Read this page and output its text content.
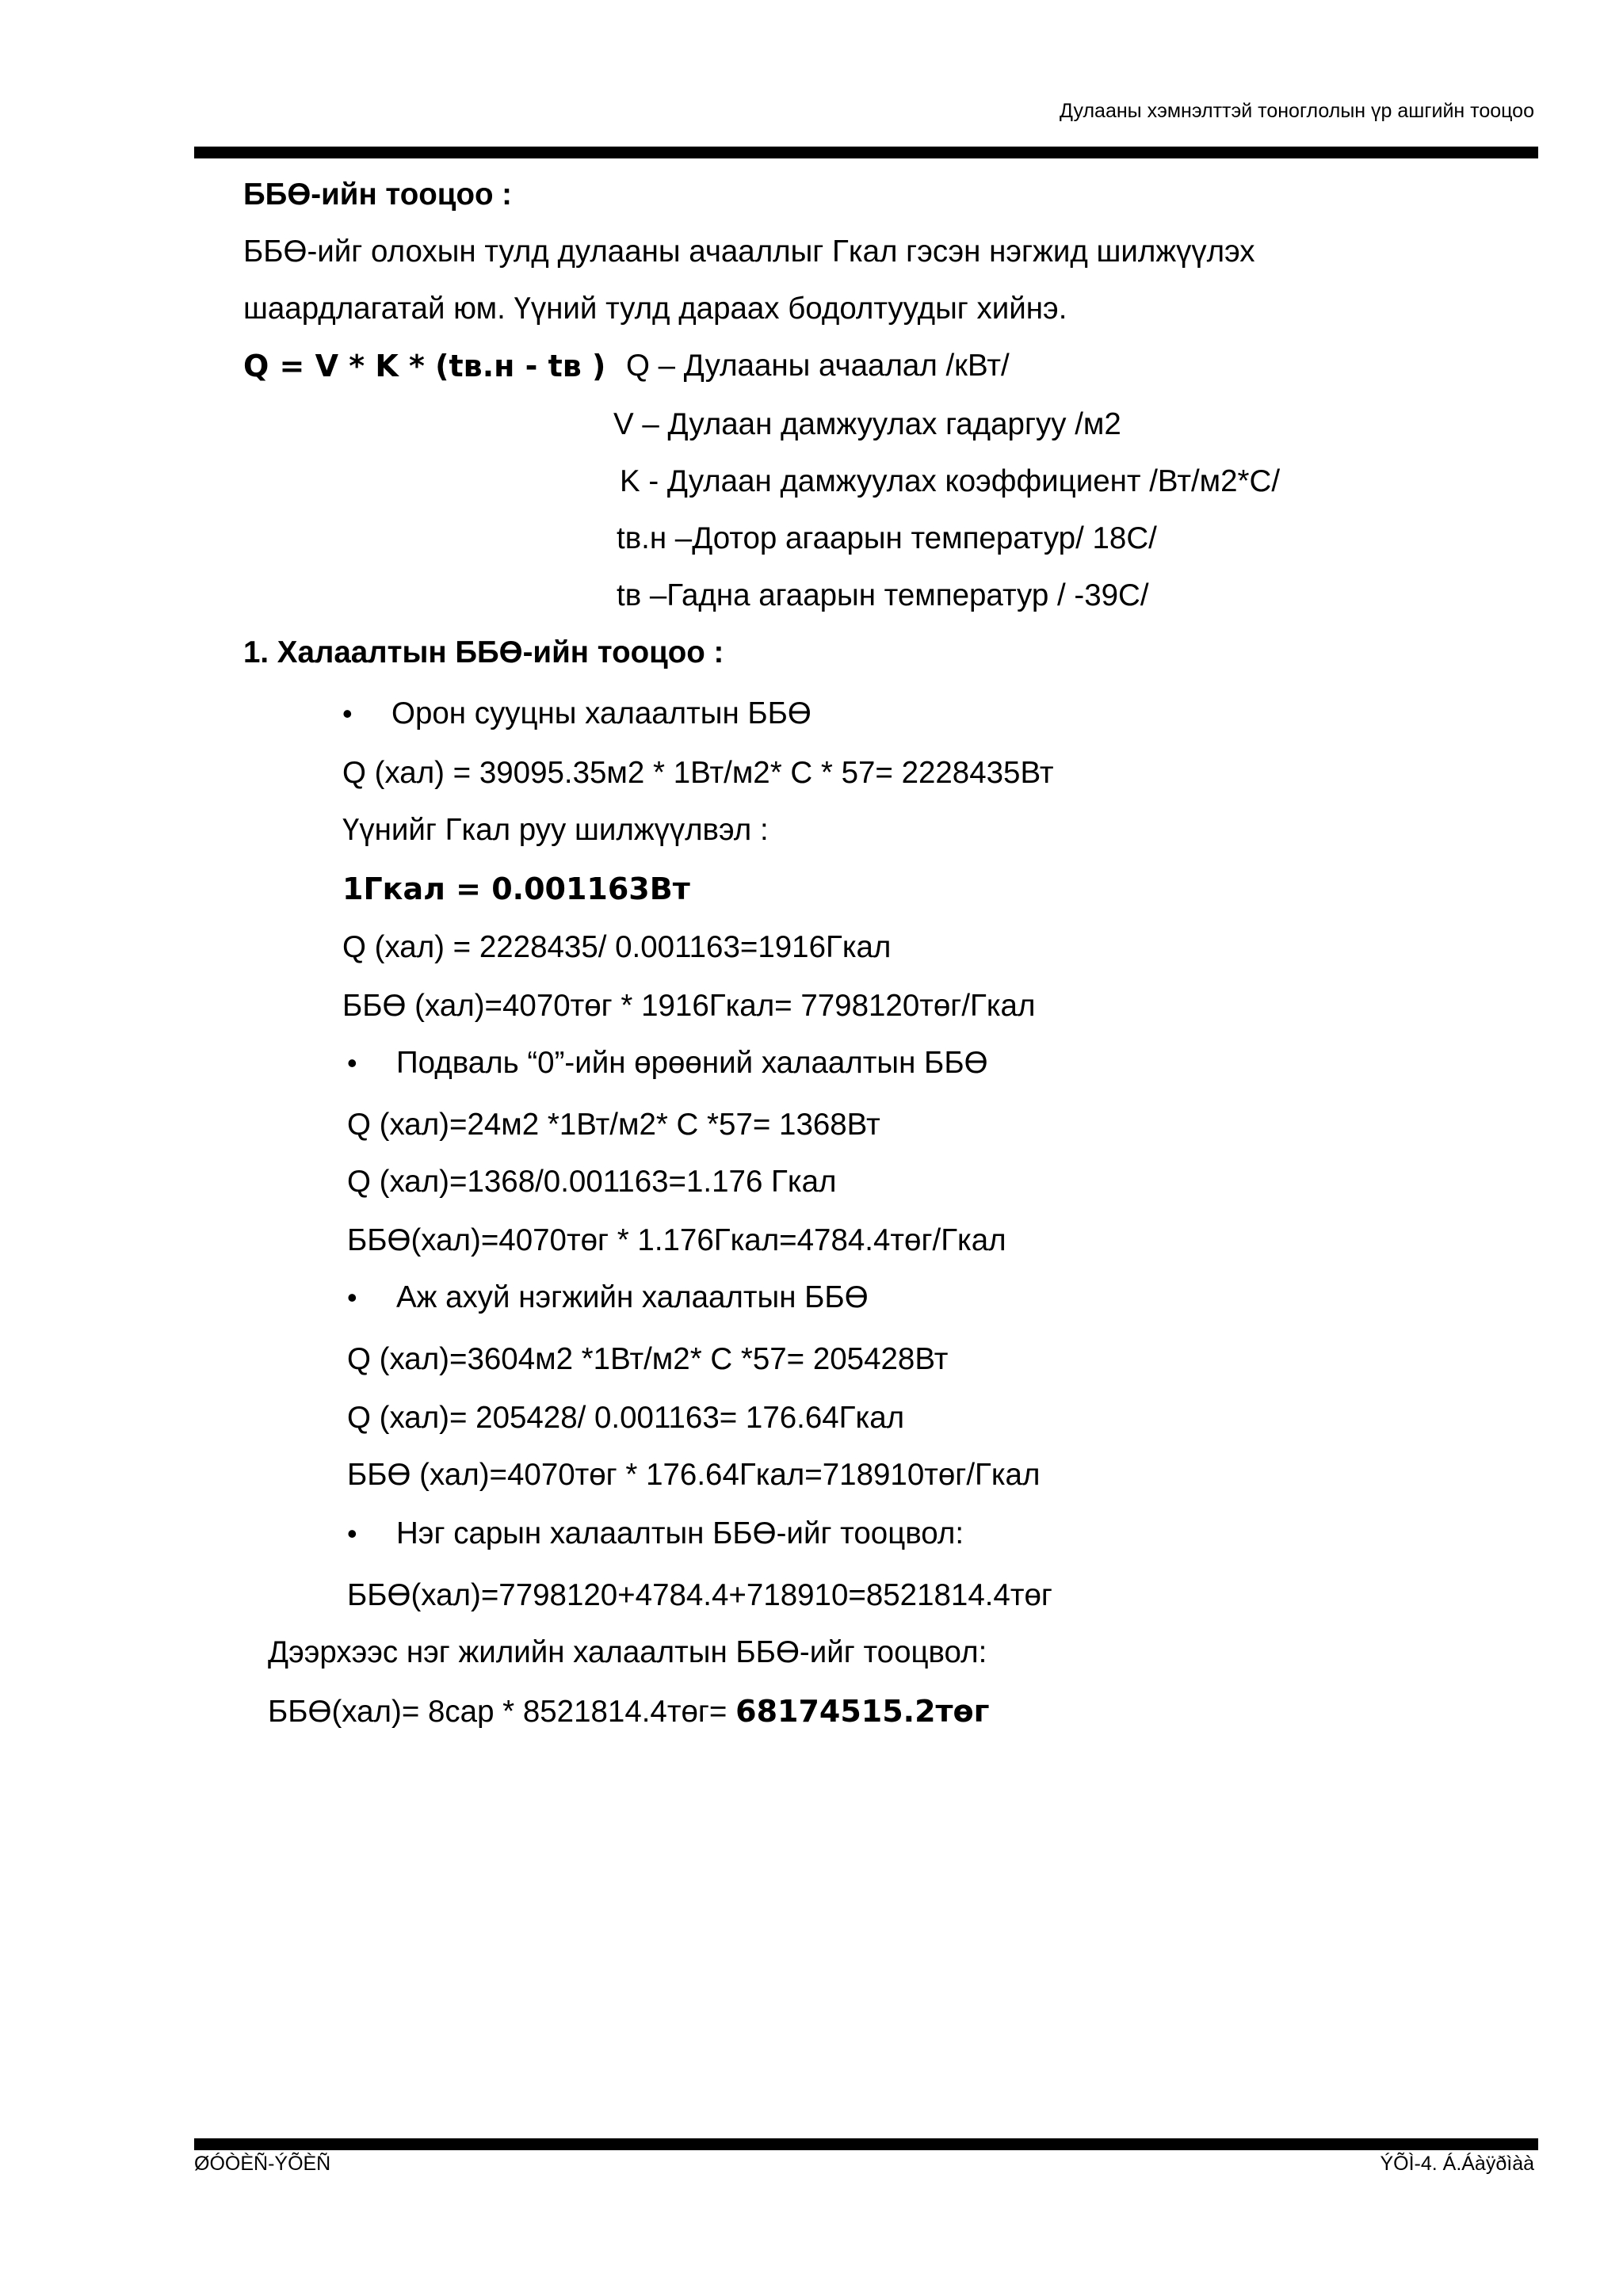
Дулааны хэмнэлттэй тоноглолын үр ашгийн тооцоо
ББӨ-ийн тооцоо :
ББӨ-ийг олохын тулд дулааны ачааллыг Гкал гэсэн нэгжид шилжүүлэх
шаардлагатай юм. Үүний тулд дараах бодолтуудыг хийнэ.
Q = V * K * (tв.н - tв ) Q – Дулааны ачаалал /кВт/
V – Дулаан дамжуулах гадаргуу /м2
K - Дулаан дамжуулах коэффициент /Вт/м2*С/
tв.н –Дотор агаарын температур/ 18С/
tв –Гадна агаарын температур / -39С/
1. Халаалтын ББӨ-ийн тооцоо :
• Орон сууцны халаалтын ББӨ
Q (хал) = 39095.35м2 * 1Вт/м2* С * 57= 2228435Вт
Үүнийг Гкал руу шилжүүлвэл :
1Гкал = 0.001163Вт
Q (хал) = 2228435/ 0.001163=1916Гкал
ББӨ (хал)=4070төг * 1916Гкал= 7798120төг/Гкал
• Подваль “0”-ийн өрөөний халаалтын ББӨ
Q (хал)=24м2 *1Вт/м2* С *57= 1368Вт
Q (хал)=1368/0.001163=1.176 Гкал
ББӨ(хал)=4070төг * 1.176Гкал=4784.4төг/Гкал
• Аж ахуй нэгжийн халаалтын ББӨ
Q (хал)=3604м2 *1Вт/м2* С *57= 205428Вт
Q (хал)= 205428/ 0.001163= 176.64Гкал
ББӨ (хал)=4070төг * 176.64Гкал=718910төг/Гкал
• Нэг сарын халаалтын ББӨ-ийг тооцвол:
ББӨ(хал)=7798120+4784.4+718910=8521814.4төг
Дээрхээс нэг жилийн халаалтын ББӨ-ийг тооцвол:
ББӨ(хал)= 8сар * 8521814.4төг= 68174515.2төг
ØÓÒÈÑ-ÝÕÈÑ	ÝÕÌ-4. Á.Áàÿðìàà
